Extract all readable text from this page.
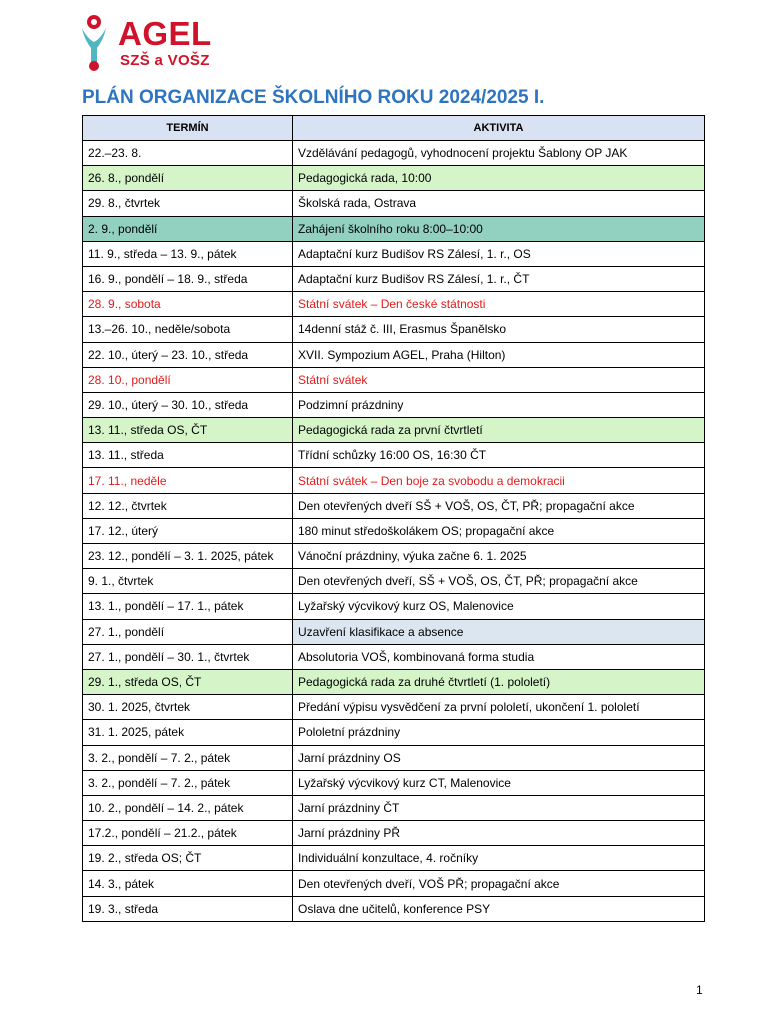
AGEL
SZŠ a VOŠZ
PLÁN ORGANIZACE ŠKOLNÍHO ROKU 2024/2025 I.
TERMÍN	AKTIVITA
22.–23. 8.	Vzdělávání pedagogů, vyhodnocení projektu Šablony OP JAK
26. 8., pondělí	Pedagogická rada, 10:00
29. 8., čtvrtek	Školská rada, Ostrava
2. 9., pondělí	Zahájení školního roku 8:00–10:00
11. 9., středa – 13. 9., pátek	Adaptační kurz Budišov RS Zálesí, 1. r., OS
16. 9., pondělí – 18. 9., středa	Adaptační kurz Budišov RS Zálesí, 1. r., ČT
28. 9., sobota	Státní svátek – Den české státnosti
13.–26. 10., neděle/sobota	14denní stáž č. III, Erasmus Španělsko
22. 10., úterý – 23. 10., středa	XVII. Sympozium AGEL, Praha (Hilton)
28. 10., pondělí	Státní svátek
29. 10., úterý – 30. 10., středa	Podzimní prázdniny
13. 11., středa OS, ČT	Pedagogická rada za první čtvrtletí
13. 11., středa	Třídní schůzky 16:00 OS, 16:30 ČT
17. 11., neděle	Státní svátek – Den boje za svobodu a demokracii
12. 12., čtvrtek	Den otevřených dveří SŠ + VOŠ, OS, ČT, PŘ; propagační akce
17. 12., úterý	180 minut středoškolákem OS; propagační akce
23. 12., pondělí – 3. 1. 2025, pátek	Vánoční prázdniny, výuka začne 6. 1. 2025
9. 1., čtvrtek	Den otevřených dveří, SŠ + VOŠ, OS, ČT, PŘ; propagační akce
13. 1., pondělí – 17. 1., pátek	Lyžařský výcvikový kurz OS, Malenovice
27. 1., pondělí	Uzavření klasifikace a absence
27. 1., pondělí – 30. 1., čtvrtek	Absolutoria VOŠ, kombinovaná forma studia
29. 1., středa OS, ČT	Pedagogická rada za druhé čtvrtletí (1. pololetí)
30. 1. 2025, čtvrtek	Předání výpisu vysvědčení za první pololetí, ukončení 1. pololetí
31. 1. 2025, pátek	Pololetní prázdniny
3. 2., pondělí – 7. 2., pátek	Jarní prázdniny OS
3. 2., pondělí – 7. 2., pátek	Lyžařský výcvikový kurz CT, Malenovice
10. 2., pondělí – 14. 2., pátek	Jarní prázdniny ČT
17.2., pondělí – 21.2., pátek	Jarní prázdniny PŘ
19. 2., středa OS; ČT	Individuální konzultace, 4. ročníky
14. 3., pátek	Den otevřených dveří, VOŠ PŘ; propagační akce
19. 3., středa	Oslava dne učitelů, konference PSY
1
